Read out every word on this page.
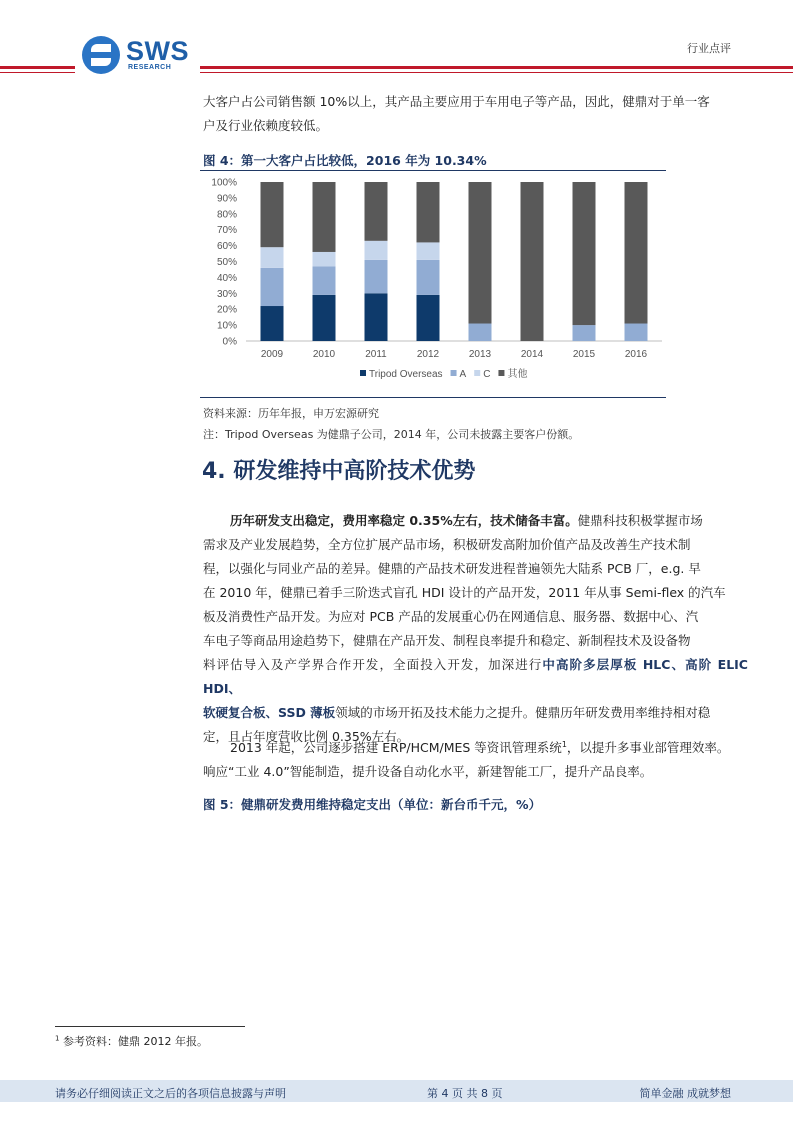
SWS
RESEARCH
行业点评

大客户占公司销售额 10%以上，其产品主要应用于车用电子等产品，因此，健鼎对于单一客

户及行业依赖度较低。

图 4：第一大客户占比较低，2016 年为 10.34%
0%
10%
20%
30%
40%
50%
60%
70%
80%
90%
100%
2009	2010	2011	2012	2013	2014	2015	2016
Tripod Overseas A C 其他
资料来源：历年年报，申万宏源研究
注：Tripod Overseas 为健鼎子公司，2014 年，公司未披露主要客户份额。
4. 研发维持中高阶技术优势

历年研发支出稳定，费用率稳定 0.35%左右，技术储备丰富。健鼎科技积极掌握市场

需求及产业发展趋势，全方位扩展产品市场，积极研发高附加价值产品及改善生产技术制

程，以强化与同业产品的差异。健鼎的产品技术研发进程普遍领先大陆系 PCB 厂，e.g. 早

在 2010 年，健鼎已着手三阶迭式盲孔 HDI 设计的产品开发，2011 年从事 Semi-flex 的汽车

板及消费性产品开发。为应对 PCB 产品的发展重心仍在网通信息、服务器、数据中心、汽

车电子等商品用途趋势下，健鼎在产品开发、制程良率提升和稳定、新制程技术及设备物

料评估导入及产学界合作开发，全面投入开发，加深进行中高阶多层厚板 HLC、高阶 ELIC HDI、

软硬复合板、SSD 薄板领域的市场开拓及技术能力之提升。健鼎历年研发费用率维持相对稳

定，且占年度营收比例 0.35%左右。

2013 年起，公司逐步搭建 ERP/HCM/MES 等资讯管理系统$^1$，以提升多事业部管理效率。

响应“工业 4.0”智能制造，提升设备自动化水平，新建智能工厂，提升产品良率。

图 5：健鼎研发费用维持稳定支出（单位：新台币千元，%）
$^1$ 参考资料：健鼎 2012 年报。
请务必仔细阅读正文之后的各项信息披露与声明	第 4 页 共 8 页	简单金融 成就梦想
